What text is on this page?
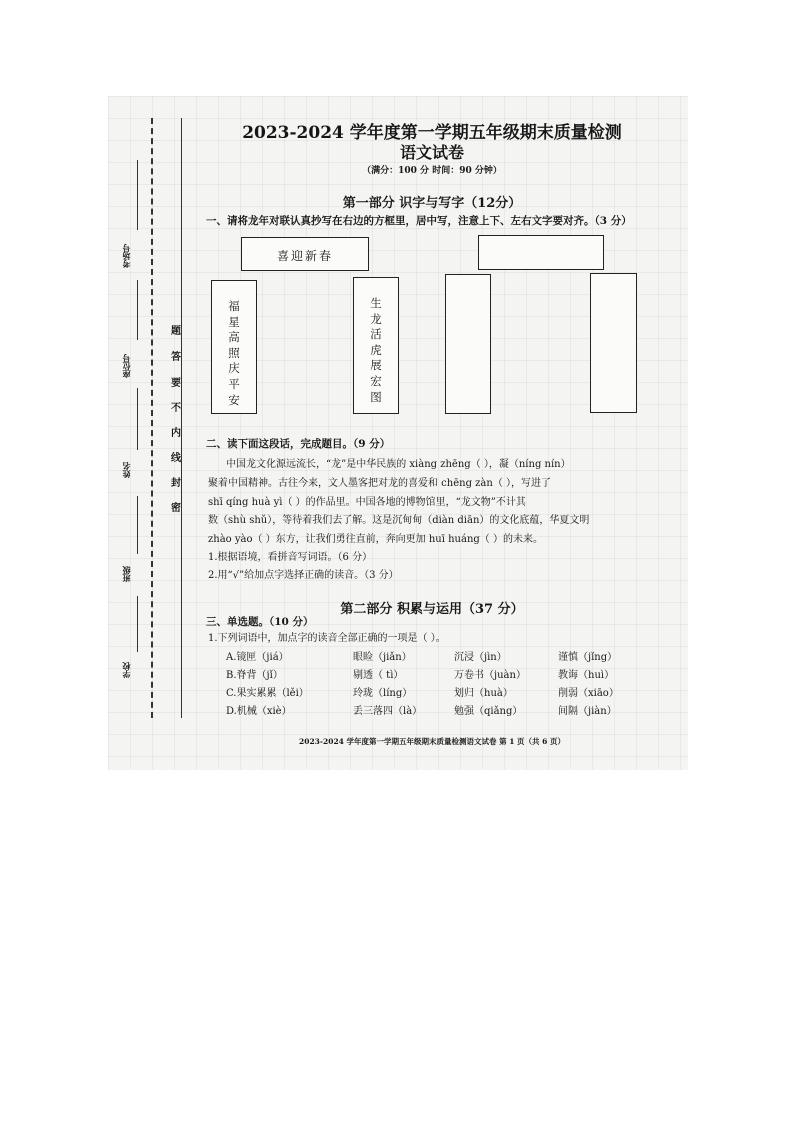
考场号
座位号
姓名
班级
学校
题
答
要
不
内
线
封
密
2023-2024 学年度第一学期五年级期末质量检测
语文试卷
（满分：100 分 时间：90 分钟）
第一部分 识字与写字（12分）
一、请将龙年对联认真抄写在右边的方框里，居中写，注意上下、左右文字要对齐。（3 分）
喜迎新春
福
星
高
照
庆
平
安
生
龙
活
虎
展
宏
图
二、读下面这段话，完成题目。（9 分）
中国龙文化源远流长，“龙”是中华民族的 xiàng zhēng（ ），凝（níng nín）
聚着中国精神。古往今来，文人墨客把对龙的喜爱和 chēng zàn（ ），写进了
shī qíng huà yì（ ）的作品里。中国各地的博物馆里，“龙文物”不计其
数（shù shǔ），等待着我们去了解。这是沉甸甸（diàn diān）的文化底蕴，华夏文明
zhào yào（ ）东方，让我们勇往直前，奔向更加 huī huáng（ ）的未来。
1.根据语境，看拼音写词语。（6 分）
2.用“√”给加点字选择正确的读音。（3 分）
第二部分 积累与运用（37 分）
三、单选题。（10 分）
1.下列词语中，加点字的读音全部正确的一项是（ ）。
A.镜匣（jiá）	眼睑（jiǎn）	沉浸（jìn）	谨慎（jǐng）
B.脊背（jǐ）	剔透（ tì）	万卷书（juàn）	教诲（huì）
C.果实累累（lěi）	玲珑（líng）	划归（huà）	削弱（xiāo）
D.机械（xiè）	丢三落四（là）	勉强（qiǎng）	间隔（jiàn）
2023-2024 学年度第一学期五年级期末质量检测语文试卷 第 1 页（共 6 页）
